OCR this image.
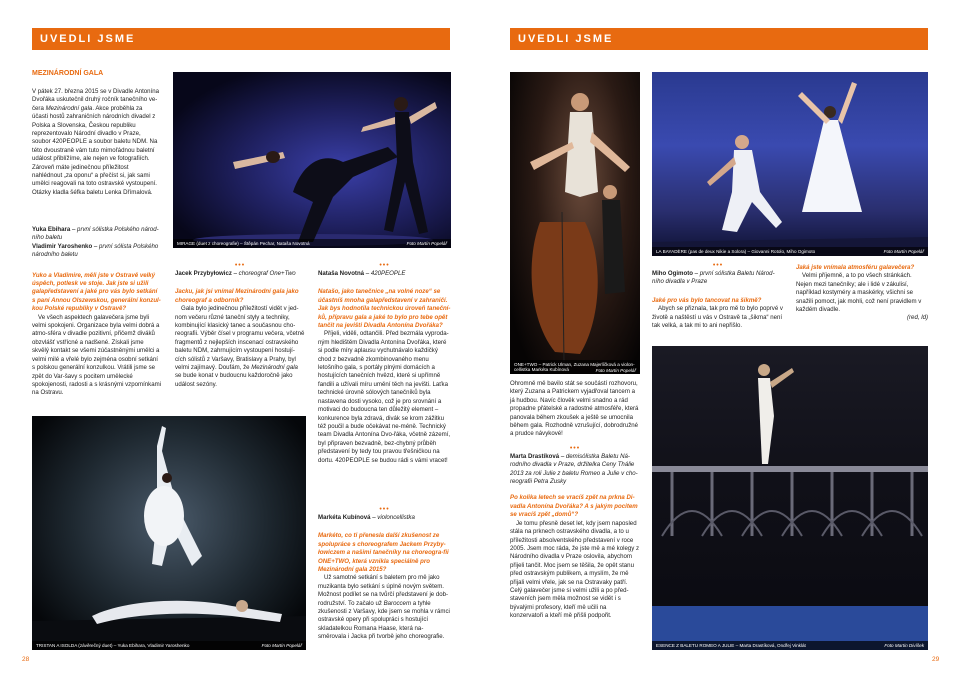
UVEDLI JSME	UVEDLI JSME
MEZINÁRODNÍ GALA

V pátek 27. března 2015 se v Divadle Antonína Dvořáka uskutečnil druhý ročník tanečního ve-čera Mezinárodní gala. Akce proběhla za účasti hostů zahraničních národních divadel z Polska a Slovenska, Českou republiku reprezentovalo Národní divadlo v Praze, soubor 420PEOPLE a soubor baletu NDM. Na této dvoustraně vám tuto mimořádnou baletní událost přiblížíme, ale nejen ve fotografiích. Zároveň máte jedinečnou příležitost nahlédnout „za oponu“ a přečíst si, jak sami umělci reagovali na toto ostravské vystoupení. Otázky kladla šéfka baletu Lenka Dřímalová.

MIRAGE (duet z choreografie) – Štěpán Pechar, Nataša Novotná	Foto Martin Popelář

Yuka Ebihara – první sólistka Polského národ-ního baletu

Vladimir Yaroshenko – první sólista Polského národního baletu

Yuko a Vladimire, měli jste v Ostravě velký úspěch, potlesk ve stoje. Jak jste si užili galapředstavení a jaké pro vás bylo setkání s paní Annou Olszewskou, generální konzul-kou Polské republiky v Ostravě?

Ve všech aspektech galavečera jsme byli velmi spokojeni. Organizace byla velmi dobrá a atmo-sféra v divadle pozitivní, přičemž diváků obzvlášť vstřícné a nadšené. Získali jsme skvělý kontakt se všemi zúčastněnými umělci a velmi milé a vřelé bylo zejména osobní setkání s polskou generální konzulkou. Vrátili jsme se zpět do Var-šavy s pocitem umělecké spokojenosti, radosti a s krásnými vzpomínkami na Ostravu.

•••

Jacek Przybyłowicz – choreograf One+Two

Jacku, jak jsi vnímal Mezinárodní gala jako choreograf a odborník?

Gala bylo jedinečnou příležitostí vidět v jed-nom večeru různé taneční styly a techniky, kombinující klasický tanec a současnou cho-reografii. Výběr čísel v programu večera, včetně fragmentů z nejlepších inscenací ostravského baletu NDM, zahrnujícím vystoupení hostují-cích sólistů z Varšavy, Bratislavy a Prahy, byl velmi zajímavý. Doufám, že Mezinárodní gala se bude konat v budoucnu každoročně jako událost sezóny.

•••

Nataša Novotná – 420PEOPLE

Natašo, jako tanečnice „na volné noze“ se účastníš mnoha galapředstavení v zahraničí. Jak bys hodnotila technickou úroveň taneční-ků, přípravu gala a jaké to bylo pro tebe opět tančit na jevišti Divadla Antonína Dvořáka?

Příjeli, viděli, odtančili. Před bezmála vyproda-ným hledištěm Divadla Antonína Dvořáka, které si podle míry aplausu vychutnávalo každičký chod z bezvadně zkombinovaného menu letošního gala, s portály plnými domácích a hostujících tanečních hvězd, které si upřímně fandili a užívali míru umění těch na jevišti. Laťka technické úrovně sólových tanečníků byla nastavena dosti vysoko, což je pro srovnání a motivaci do budoucna ten důležitý element – konkurence byla zdravá, divák se krom zážitku též poučil a bude očekávat ne-méně. Technický team Divadla Antonína Dvo-řáka, včetně zázemí, byl připraven bezvadně, bez-chybný průběh představení by tedy tou pravou třešničkou na dortu. 420PEOPLE se budou rádi s vámi vracet!

TRISTAN A ISOLDA (závěrečný duet) – Yuka Ebihara, Vladimir Yaroshenko	Foto Martin Popelář
•••

Markéta Kubínová – violoncellistka

Markéto, co ti přenesla další zkušenost ze spolupráce s choreografem Jackem Przyby-łowiczem a našimi tanečníky na choreogra-fii ONE+TWO, která vznikla speciálně pro Mezinárodní gala 2015?

Už samotné setkání s baletem pro mě jako muzikanta bylo setkání s úplně novým světem. Možnost podílet se na tvůrčí představení je dob-rodružství. To začalo už Baroccem a tyhle zkušenosti z Varšavy, kde jsem se mohla v rámci ostravské opery při spolupráci s hostující skladatelkou Romana Haase, která na-směrovala i Jacka při tvorbě jeho choreografie.

28	29
ONE+TWO – Patrick Ulman, Zuzana Majerlíčková a violon-cellistka Markéta Kubínová	Foto Martin Popelář
LA BAYADÈRE (pas de deux Nikie a Solora) – Giovanni Rotolo, Miho Ogimoto	Foto Martin Popelář

Ohromně mě bavilo stát se součástí rozhovoru, který Zuzana a Patrickem vyjadřoval tancem a já hudbou. Navíc člověk velmi snadno a rád propadne přátelské a radostné atmosféře, která panovala během zkoušek a ještě se umocnila během gala. Rozhodně vzrušující, dobrodružné a prudce návykové!

•••

Marta Drastíková – demisólistka Baletu Ná-rodního divadla v Praze, držitelka Ceny Thálie 2013 za roli Julie z baletu Romeo a Julie v cho-reografii Petra Zusky

Po kolika letech se vracíš zpět na prkna Di-vadla Antonína Dvořáka? A s jakým pocitem se vracíš zpět „domů“?

Je tomu přesně deset let, kdy jsem naposled stála na prknech ostravského divadla, a to u příležitosti absolventského představení v roce 2005. Jsem moc ráda, že jste mě a mé kolegy z Národního divadla v Praze oslovila, abychom přijeli tančit. Moc jsem se těšila, že opět stanu před ostravským publikem, a myslím, že mě přijali velmi vřele, jak se na Ostravaky patří. Celý galavečer jsme si velmi užili a po před-staveních jsem měla možnost se vidět i s bývalými profesory, kteří mě učili na konzervatoři a kteří mě přišli podpořit.

•••

Miho Ogimoto – první sólistka Baletu Národ-ního divadla v Praze

Jaké pro vás bylo tancovat na šikmě?

Abych se přiznala, tak pro mě to bylo poprvé v životě a naštěstí u vás v Ostravě ta „šikma“ není tak velká, a tak mi to ani nepřišlo.

Jaká jste vnímala atmosféru galavečera?

Velmi příjemně, a to po všech stránkách. Nejen mezi tanečníky; ale i lidé v zákulisí, například kostyméry a maskérky, všichni se snažili pomoct, jak mohli, což není pravidlem v každém divadle.

(red, ld)

ESENCE Z BALETU ROMEO A JULIE – Marta Drastíková, Ondřej Vinklát	Foto Martin Divíšek
